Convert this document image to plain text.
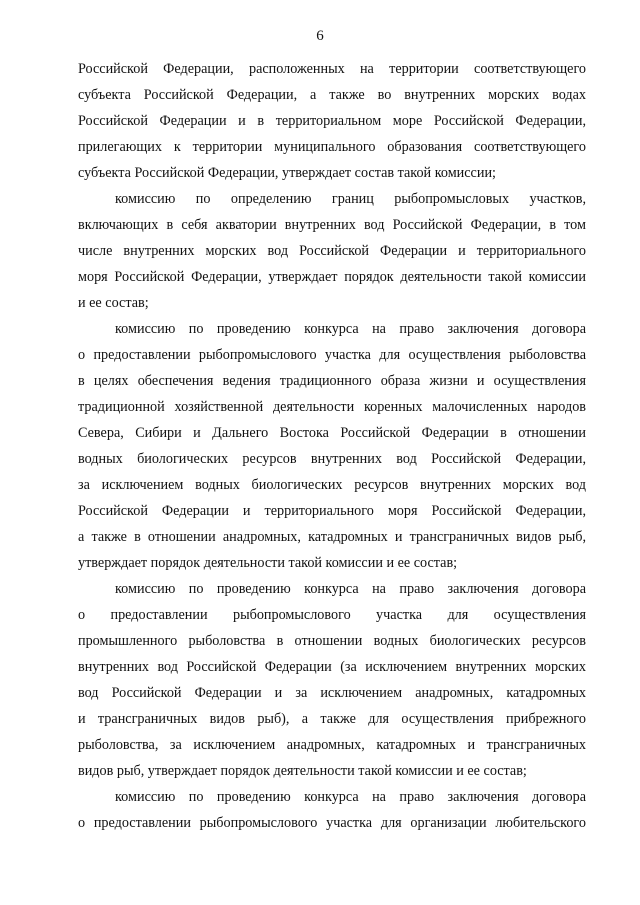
6
Российской Федерации, расположенных на территории соответствующего
субъекта Российской Федерации, а также во внутренних морских водах
Российской Федерации и в территориальном море Российской Федерации,
прилегающих к территории муниципального образования соответствующего
субъекта Российской Федерации, утверждает состав такой комиссии;
комиссию по определению границ рыбопромысловых участков,
включающих в себя акватории внутренних вод Российской Федерации, в том
числе внутренних морских вод Российской Федерации и территориального
моря Российской Федерации, утверждает порядок деятельности такой комиссии
и ее состав;
комиссию по проведению конкурса на право заключения договора
о предоставлении рыбопромыслового участка для осуществления рыболовства
в целях обеспечения ведения традиционного образа жизни и осуществления
традиционной хозяйственной деятельности коренных малочисленных народов
Севера, Сибири и Дальнего Востока Российской Федерации в отношении
водных биологических ресурсов внутренних вод Российской Федерации,
за исключением водных биологических ресурсов внутренних морских вод
Российской Федерации и территориального моря Российской Федерации,
а также в отношении анадромных, катадромных и трансграничных видов рыб,
утверждает порядок деятельности такой комиссии и ее состав;
комиссию по проведению конкурса на право заключения договора
о предоставлении рыбопромыслового участка для осуществления
промышленного рыболовства в отношении водных биологических ресурсов
внутренних вод Российской Федерации (за исключением внутренних морских
вод Российской Федерации и за исключением анадромных, катадромных
и трансграничных видов рыб), а также для осуществления прибрежного
рыболовства, за исключением анадромных, катадромных и трансграничных
видов рыб, утверждает порядок деятельности такой комиссии и ее состав;
комиссию по проведению конкурса на право заключения договора
о предоставлении рыбопромыслового участка для организации любительского
